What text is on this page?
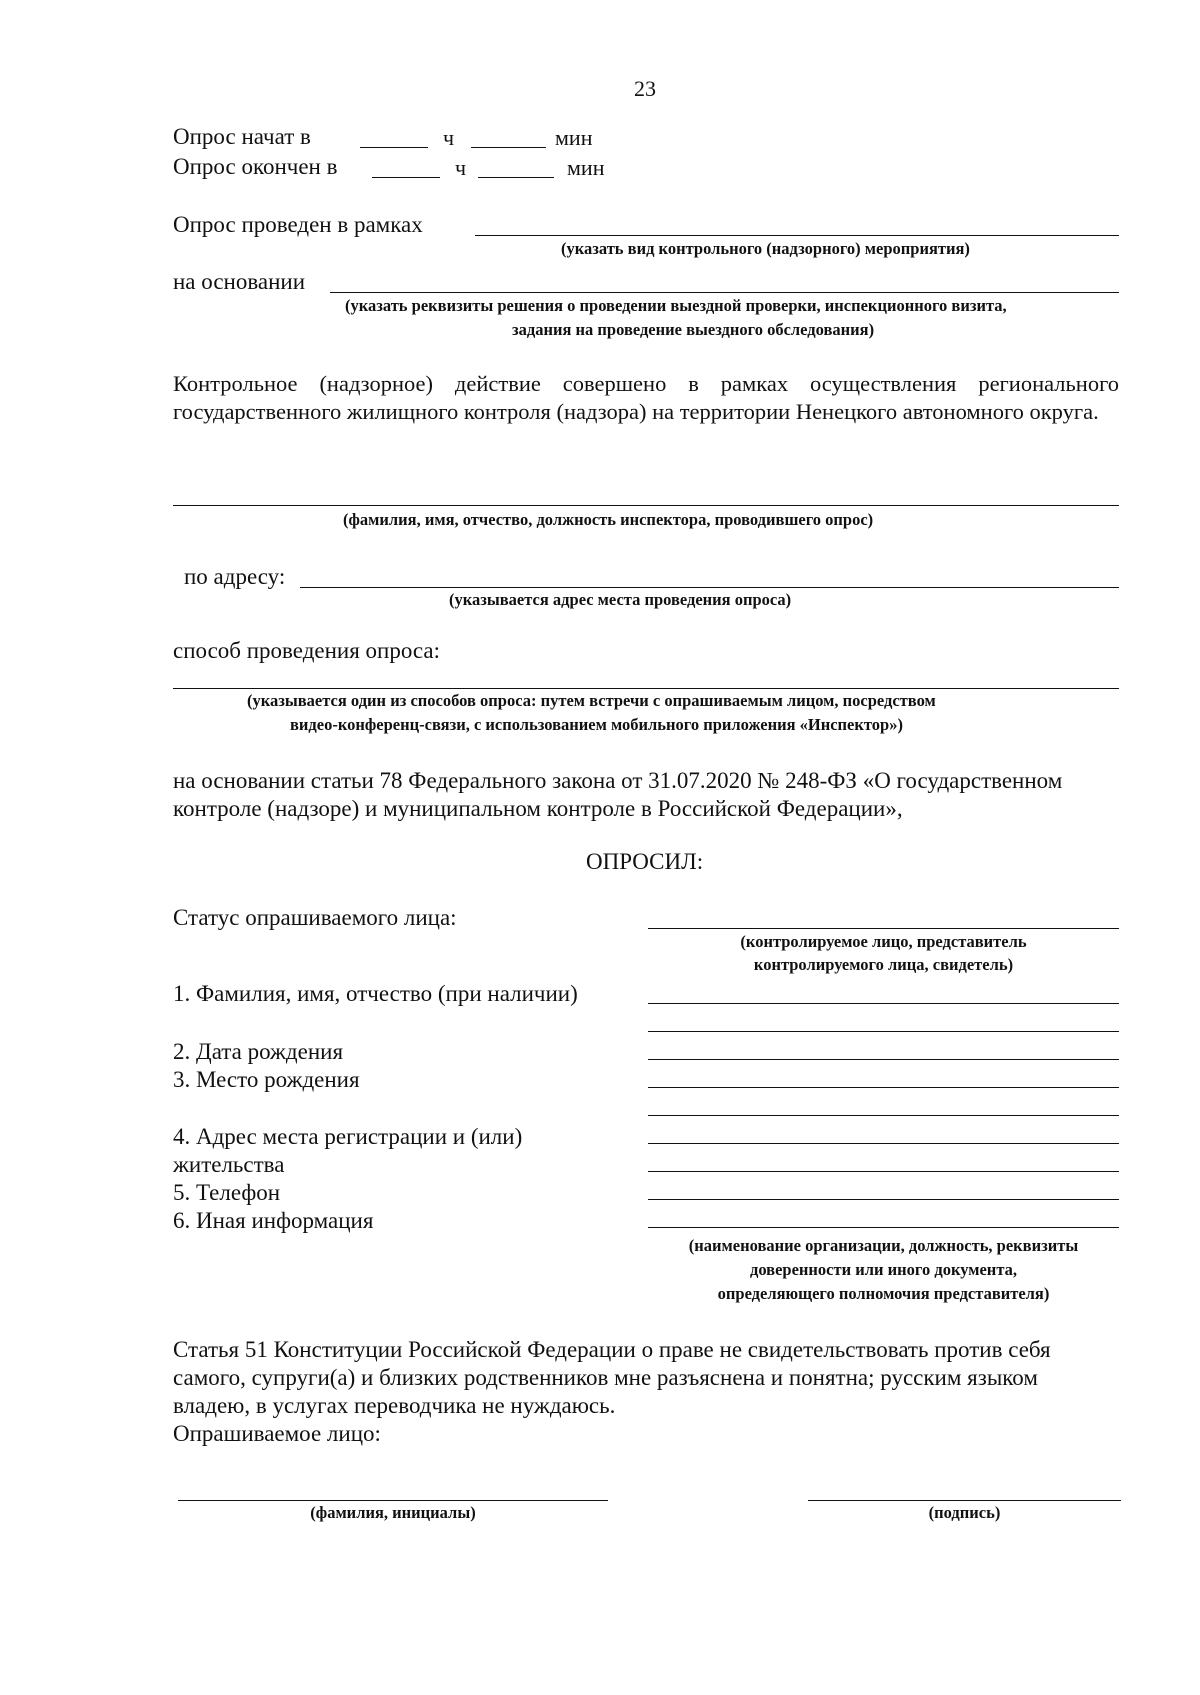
23
Опрос начат в	ч	мин
Опрос окончен в	ч	мин
Опрос проведен в рамках
(указать вид контрольного (надзорного) мероприятия)
на основании
(указать реквизиты решения о проведении выездной проверки, инспекционного визита,
задания на проведение выездного обследования)
Контрольное (надзорное) действие совершено в рамках осуществления регионального государственного жилищного контроля (надзора) на территории Ненецкого автономного округа.
(фамилия, имя, отчество, должность инспектора, проводившего опрос)
по адресу:
(указывается адрес места проведения опроса)
способ проведения опроса:
(указывается один из способов опроса: путем встречи с опрашиваемым лицом, посредством
видео-конференц-связи, с использованием мобильного приложения «Инспектор»)
на основании статьи 78 Федерального закона от 31.07.2020 № 248-ФЗ «О государственном
контроле (надзоре) и муниципальном контроле в Российской Федерации»,
ОПРОСИЛ:
Статус опрашиваемого лица:
(контролируемое лицо, представитель
контролируемого лица, свидетель)
1. Фамилия, имя, отчество (при наличии)
2. Дата рождения
3. Место рождения
4. Адрес места регистрации и (или)
жительства
5. Телефон
6. Иная информация
(наименование организации, должность, реквизиты
доверенности или иного документа,
определяющего полномочия представителя)
Статья 51 Конституции Российской Федерации о праве не свидетельствовать против себя
самого, супруги(а) и близких родственников мне разъяснена и понятна; русским языком
владею, в услугах переводчика не нуждаюсь.
Опрашиваемое лицо:
(фамилия, инициалы)	(подпись)
